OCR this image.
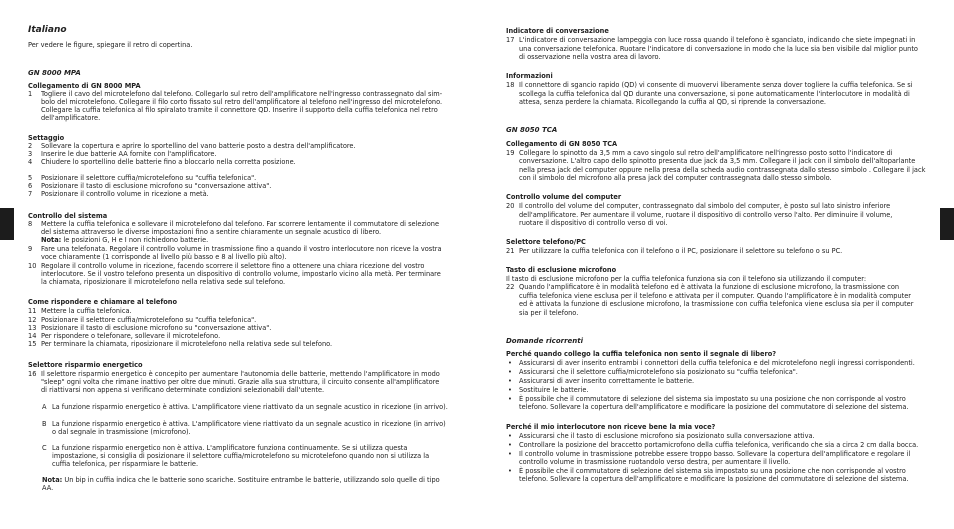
Italiano

Per vedere le figure, spiegare il retro di copertina.

GN 8000 MPA
Collegamento di GN 8000 MPA
1 Togliere il cavo del microtelefono dal telefono. Collegarlo sul retro dell'amplificatore nell'ingresso contrassegnato dal sim-

bolo del microtelefono. Collegare il filo corto fissato sul retro dell'amplificatore al telefono nell'ingresso del microtelefono.

Collegare la cuffia telefonica al filo spiralato tramite il connettore QD. Inserire il supporto della cuffia telefonica nel retro

dell'amplificatore.

Settaggio
2 Sollevare la copertura e aprire lo sportellino del vano batterie posto a destra dell'amplificatore.

3 Inserire le due batterie AA fornite con l'amplificatore.

4 Chiudere lo sportellino delle batterie fino a bloccarlo nella corretta posizione.

5 Posizionare il selettore cuffia/microtelefono su "cuffia telefonica".

6 Posizionare il tasto di esclusione microfono su "conversazione attiva".

7 Posizionare il controllo volume in ricezione a metà.

Controllo del sistema
8 Mettere la cuffia telefonica e sollevare il microtelefono dal telefono. Far scorrere lentamente il commutatore di selezione

del sistema attraverso le diverse impostazioni fino a sentire chiaramente un segnale acustico di libero.

Nota: le posizioni G, H e I non richiedono batterie.

9 Fare una telefonata. Regolare il controllo volume in trasmissione fino a quando il vostro interlocutore non riceve la vostra

voce chiaramente (1 corrisponde al livello più basso e 8 al livello più alto).

10 Regolare il controllo volume in ricezione, facendo scorrere il selettore fino a ottenere una chiara ricezione del vostro

interlocutore. Se il vostro telefono presenta un dispositivo di controllo volume, impostarlo vicino alla metà. Per terminare

la chiamata, riposizionare il microtelefono nella relativa sede sul telefono.

Come rispondere e chiamare al telefono
11 Mettere la cuffia telefonica.

12 Posizionare il selettore cuffia/microtelefono su "cuffia telefonica".

13 Posizionare il tasto di esclusione microfono su "conversazione attiva".

14 Per rispondere o telefonare, sollevare il microtelefono.

15 Per terminare la chiamata, riposizionare il microtelefono nella relativa sede sul telefono.

Selettore risparmio energetico
16 Il selettore risparmio energetico è concepito per aumentare l'autonomia delle batterie, mettendo l'amplificatore in modo

"sleep" ogni volta che rimane inattivo per oltre due minuti. Grazie alla sua struttura, il circuito consente all'amplificatore

di riattivarsi non appena si verificano determinate condizioni selezionabili dall'utente.

A La funzione risparmio energetico è attiva. L'amplificatore viene riattivato da un segnale acustico in ricezione (in arrivo).

B La funzione risparmio energetico è attiva. L'amplificatore viene riattivato da un segnale acustico in ricezione (in arrivo)

o dal segnale in trasmissione (microfono).

C La funzione risparmio energetico non è attiva. L'amplificatore funziona continuamente. Se si utilizza questa

impostazione, si consiglia di posizionare il selettore cuffia/microtelefono su microtelefono quando non si utilizza la

cuffia telefonica, per risparmiare le batterie.

Nota: Un bip in cuffia indica che le batterie sono scariche. Sostituire entrambe le batterie, utilizzando solo quelle di tipo AA.

Indicatore di conversazione
17 L'indicatore di conversazione lampeggia con luce rossa quando il telefono è sganciato, indicando che siete impegnati in

una conversazione telefonica. Ruotare l'indicatore di conversazione in modo che la luce sia ben visibile dal miglior punto

di osservazione nella vostra area di lavoro.

Informazioni
18 Il connettore di sgancio rapido (QD) vi consente di muovervi liberamente senza dover togliere la cuffia telefonica. Se si

scollega la cuffia telefonica dal QD durante una conversazione, si pone automaticamente l'interlocutore in modalità di

attesa, senza perdere la chiamata. Ricollegando la cuffia al QD, si riprende la conversazione.

GN 8050 TCA
Collegamento di GN 8050 TCA
19 Collegare lo spinotto da 3,5 mm a cavo singolo sul retro dell'amplificatore nell'ingresso posto sotto l'indicatore di

conversazione. L'altro capo dello spinotto presenta due jack da 3,5 mm. Collegare il jack con il simbolo dell'altoparlante

nella presa jack del computer oppure nella presa della scheda audio contrassegnata dallo stesso simbolo . Collegare il jack

con il simbolo del microfono alla presa jack del computer contrassegnata dallo stesso simbolo.

Controllo volume del computer
20 Il controllo del volume del computer, contrassegnato dal simbolo del computer, è posto sul lato sinistro inferiore

dell'amplificatore. Per aumentare il volume, ruotare il dispositivo di controllo verso l'alto. Per diminuire il volume,

ruotare il dispositivo di controllo verso di voi.

Selettore telefono/PC
21 Per utilizzare la cuffia telefonica con il telefono o il PC, posizionare il selettore su telefono o su PC.

Tasto di esclusione microfono

Il tasto di esclusione microfono per la cuffia telefonica funziona sia con il telefono sia utilizzando il computer:

22 Quando l'amplificatore è in modalità telefono ed è attivata la funzione di esclusione microfono, la trasmissione con

cuffia telefonica viene esclusa per il telefono e attivata per il computer. Quando l'amplificatore è in modalità computer

ed è attivata la funzione di esclusione microfono, la trasmissione con cuffia telefonica viene esclusa sia per il computer

sia per il telefono.

Domande ricorrenti
Perché quando collego la cuffia telefonica non sento il segnale di libero?
• Assicurarsi di aver inserito entrambi i connettori della cuffia telefonica e del microtelefono negli ingressi corrispondenti.

• Assicurarsi che il selettore cuffia/microtelefono sia posizionato su "cuffia telefonica".

• Assicurarsi di aver inserito correttamente le batterie.

• Sostituire le batterie.

• È possibile che il commutatore di selezione del sistema sia impostato su una posizione che non corrisponde al vostro

telefono. Sollevare la copertura dell'amplificatore e modificare la posizione del commutatore di selezione del sistema.

Perché il mio interlocutore non riceve bene la mia voce?
• Assicurarsi che il tasto di esclusione microfono sia posizionato sulla conversazione attiva.

• Controllare la posizione del braccetto portamicrofono della cuffia telefonica, verificando che sia a circa 2 cm dalla bocca.

• Il controllo volume in trasmissione potrebbe essere troppo basso. Sollevare la copertura dell'amplificatore e regolare il

controllo volume in trasmissione ruotandolo verso destra, per aumentare il livello.

• È possibile che il commutatore di selezione del sistema sia impostato su una posizione che non corrisponde al vostro

telefono. Sollevare la copertura dell'amplificatore e modificare la posizione del commutatore di selezione del sistema.
